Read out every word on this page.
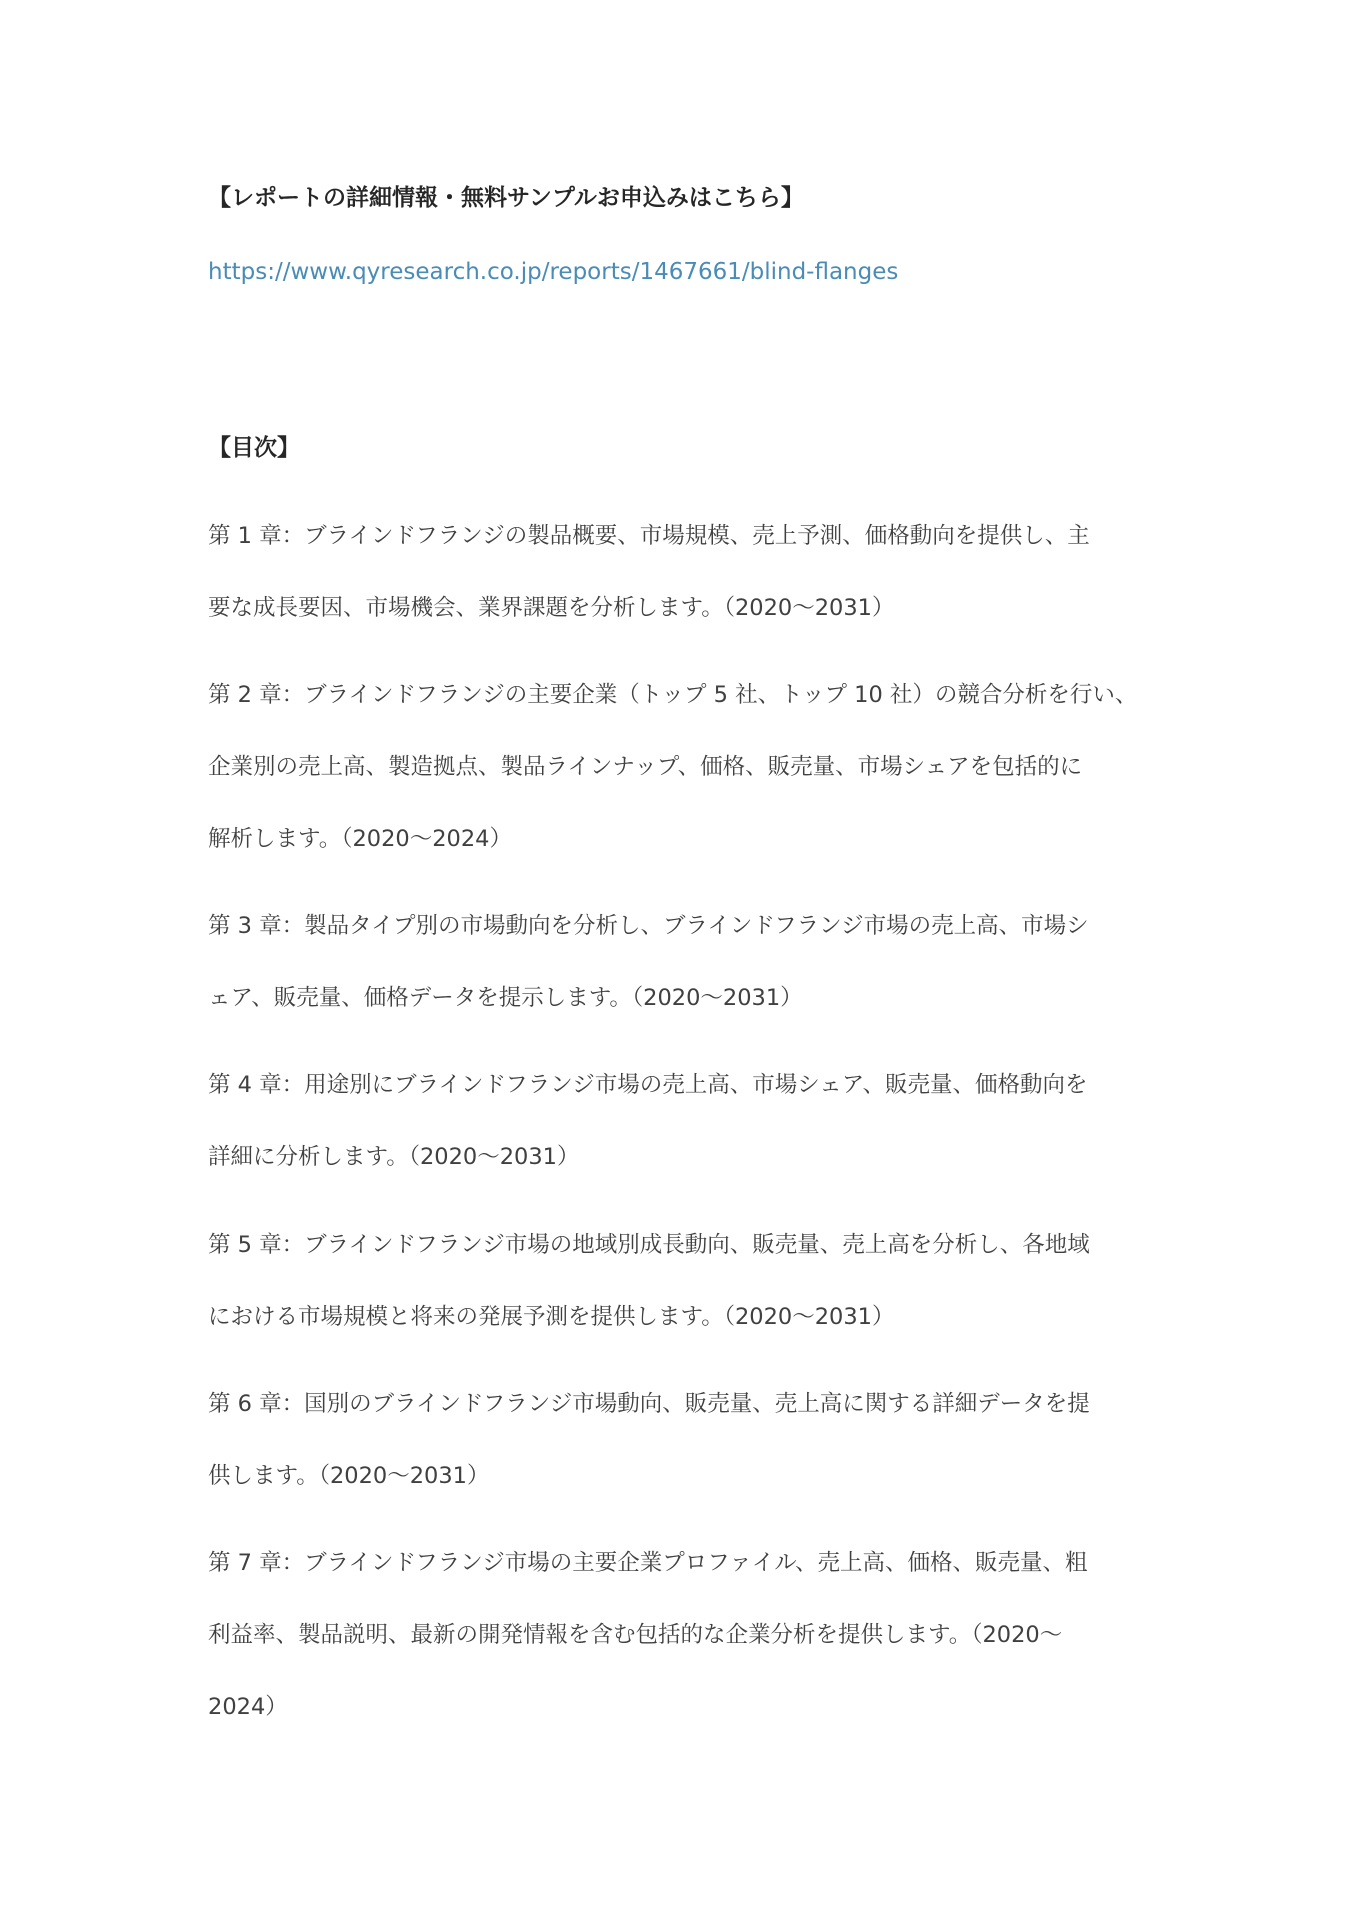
【レポートの詳細情報・無料サンプルお申込みはこちら】
https://www.qyresearch.co.jp/reports/1467661/blind-flanges
【目次】
第 1 章：ブラインドフランジの製品概要、市場規模、売上予測、価格動向を提供し、主
要な成長要因、市場機会、業界課題を分析します。（2020～2031）
第 2 章：ブラインドフランジの主要企業（トップ 5 社、トップ 10 社）の競合分析を行い、
企業別の売上高、製造拠点、製品ラインナップ、価格、販売量、市場シェアを包括的に
解析します。（2020～2024）
第 3 章：製品タイプ別の市場動向を分析し、ブラインドフランジ市場の売上高、市場シ
ェア、販売量、価格データを提示します。（2020～2031）
第 4 章：用途別にブラインドフランジ市場の売上高、市場シェア、販売量、価格動向を
詳細に分析します。（2020～2031）
第 5 章：ブラインドフランジ市場の地域別成長動向、販売量、売上高を分析し、各地域
における市場規模と将来の発展予測を提供します。（2020～2031）
第 6 章：国別のブラインドフランジ市場動向、販売量、売上高に関する詳細データを提
供します。（2020～2031）
第 7 章：ブラインドフランジ市場の主要企業プロファイル、売上高、価格、販売量、粗
利益率、製品説明、最新の開発情報を含む包括的な企業分析を提供します。（2020～
2024）
